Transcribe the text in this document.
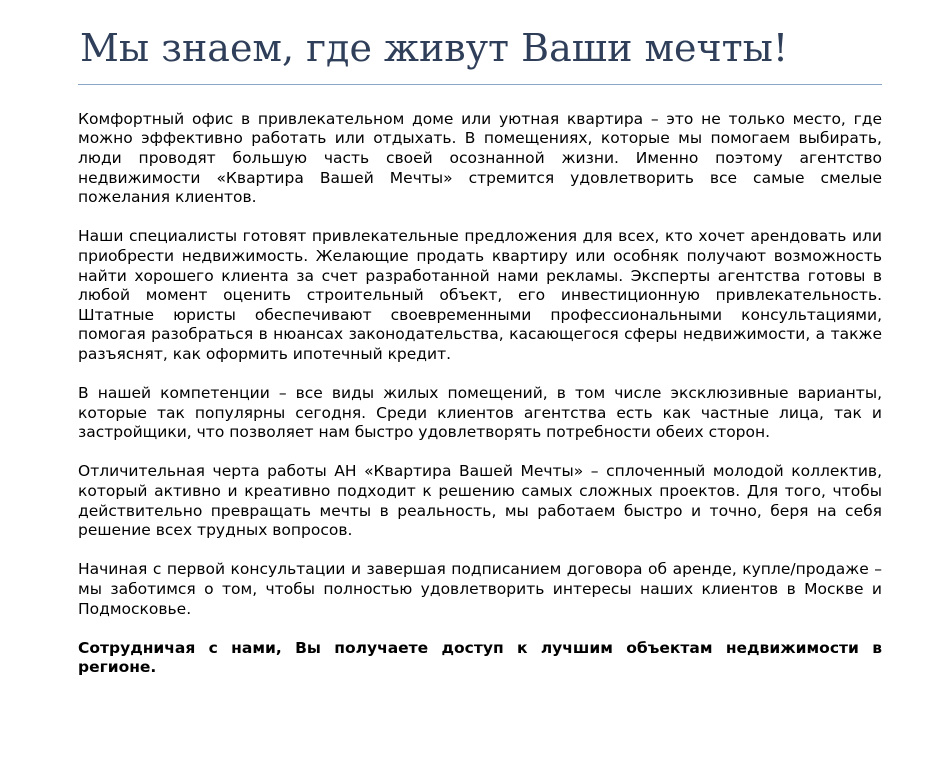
Мы знаем, где живут Ваши мечты!

Комфортный офис в привлекательном доме или уютная квартира – это не только место, где можно эффективно работать или отдыхать. В помещениях, которые мы помогаем выбирать, люди проводят большую часть своей осознанной жизни. Именно поэтому агентство недвижимости «Квартира Вашей Мечты» стремится удовлетворить все самые смелые пожелания клиентов.

Наши специалисты готовят привлекательные предложения для всех, кто хочет арендовать или приобрести недвижимость. Желающие продать квартиру или особняк получают возможность найти хорошего клиента за счет разработанной нами рекламы. Эксперты агентства готовы в любой момент оценить строительный объект, его инвестиционную привлекательность. Штатные юристы обеспечивают своевременными профессиональными консультациями, помогая разобраться в нюансах законодательства, касающегося сферы недвижимости, а также разъяснят, как оформить ипотечный кредит.

В нашей компетенции – все виды жилых помещений, в том числе эксклюзивные варианты, которые так популярны сегодня. Среди клиентов агентства есть как частные лица, так и застройщики, что позволяет нам быстро удовлетворять потребности обеих сторон.

Отличительная черта работы АН «Квартира Вашей Мечты» – сплоченный молодой коллектив, который активно и креативно подходит к решению самых сложных проектов. Для того, чтобы действительно превращать мечты в реальность, мы работаем быстро и точно, беря на себя решение всех трудных вопросов.

Начиная с первой консультации и завершая подписанием договора об аренде, купле/продаже – мы заботимся о том, чтобы полностью удовлетворить интересы наших клиентов в Москве и Подмосковье.

Сотрудничая с нами, Вы получаете доступ к лучшим объектам недвижимости в регионе.
